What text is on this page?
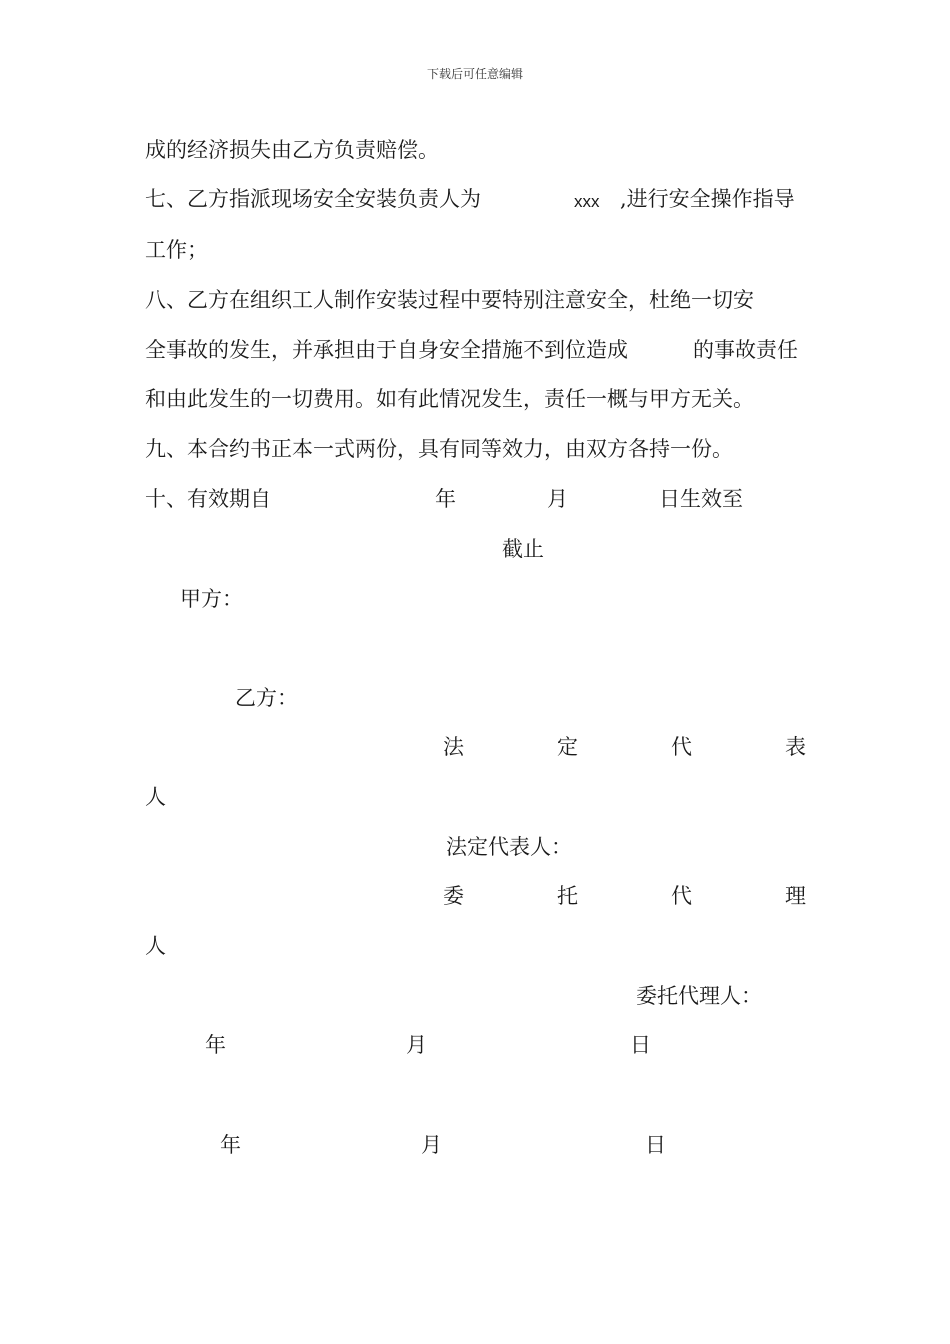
下载后可任意编辑
成的经济损失由乙方负责赔偿。
七、乙方指派现场安全安装负责人为	xxx ,进行安全操作指导
工作；
八、乙方在组织工人制作安装过程中要特别注意安全，杜绝一切安
全事故的发生，并承担由于自身安全措施不到位造成	的事故责任
和由此发生的一切费用。如有此情况发生，责任一概与甲方无关。
九、本合约书正本一式两份，具有同等效力，由双方各持一份。
十、有效期自	年	月	日生效至
截止
甲方：
乙方：
法	定	代	表
人
法定代表人：
委	托	代	理
人
委托代理人：
年	月	日
年	月	日
